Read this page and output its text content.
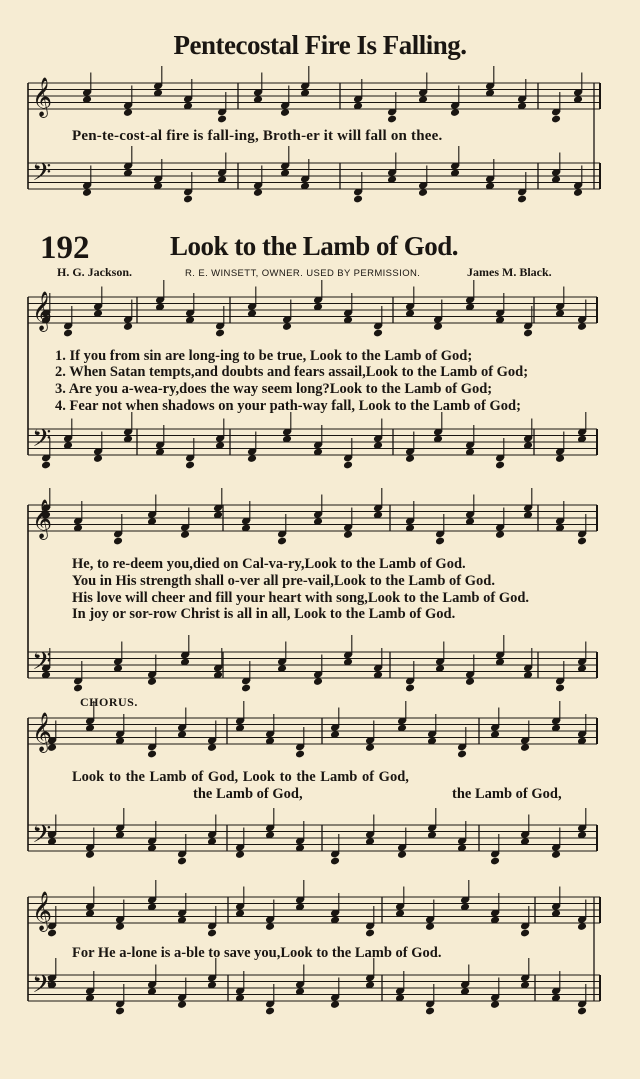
𝄞
𝄢
𝄞
𝄢
𝄞
𝄢
𝄞
𝄢
𝄞
𝄢
Pentecostal Fire Is Falling.
Pen-te-cost-al fire is fall-ing, Broth-er it will fall on thee.
192	Look to the Lamb of God.
H. G. Jackson.	R. E. WINSETT, OWNER. USED BY PERMISSION.	James M. Black.
1. If you from sin are long-ing to be true, Look to the Lamb of God;
2. When Satan tempts,and doubts and fears assail,Look to the Lamb of God;
3. Are you a-wea-ry,does the way seem long?Look to the Lamb of God;
4. Fear not when shadows on your path-way fall, Look to the Lamb of God;
He, to re-deem you,died on Cal-va-ry,Look to the Lamb of God.
You in His strength shall o-ver all pre-vail,Look to the Lamb of God.
His love will cheer and fill your heart with song,Look to the Lamb of God.
In joy or sor-row Christ is all in all, Look to the Lamb of God.
CHORUS.
Look to the Lamb of God, Look to the Lamb of God,
the Lamb of God,	the Lamb of God,
For He a-lone is a-ble to save you,Look to the Lamb of God.
